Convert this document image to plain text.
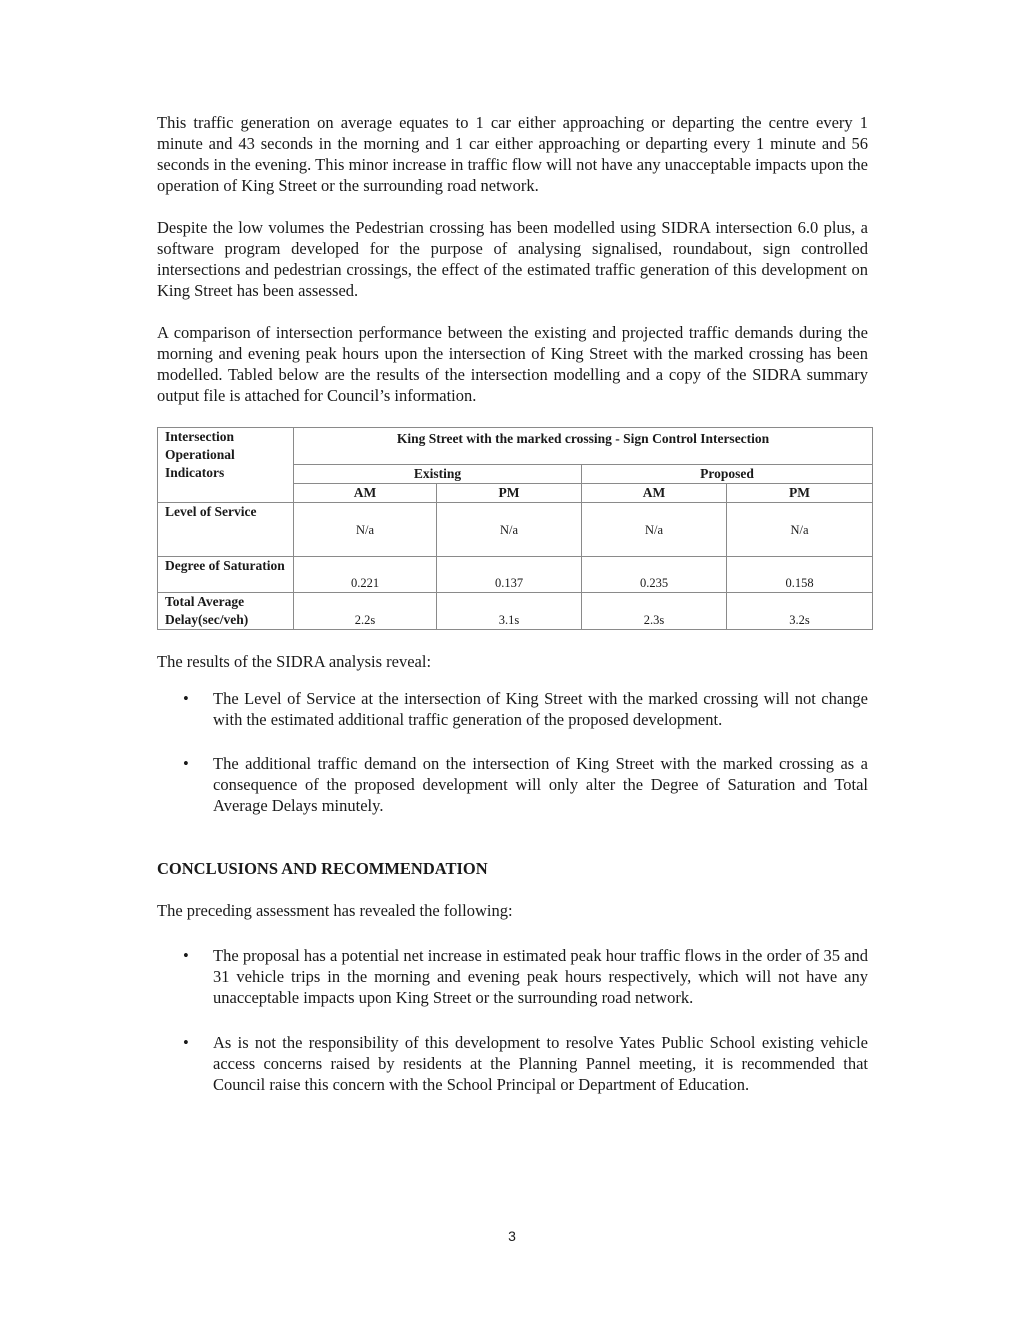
This traffic generation on average equates to 1 car either approaching or departing the centre every 1 minute and 43 seconds in the morning and 1 car either approaching or departing every 1 minute and 56 seconds in the evening. This minor increase in traffic flow will not have any unacceptable impacts upon the operation of King Street or the surrounding road network.

Despite the low volumes the Pedestrian crossing has been modelled using SIDRA intersection 6.0 plus, a software program developed for the purpose of analysing signalised, roundabout, sign controlled intersections and pedestrian crossings, the effect of the estimated traffic generation of this development on King Street has been assessed.

A comparison of intersection performance between the existing and projected traffic demands during the morning and evening peak hours upon the intersection of King Street with the marked crossing has been modelled. Tabled below are the results of the intersection modelling and a copy of the SIDRA summary output file is attached for Council’s information.

Intersection Operational Indicators	King Street with the marked crossing - Sign Control Intersection			
	Existing		Proposed	
	AM	PM	AM	PM
Level of Service	N/a	N/a	N/a	N/a
Degree of Saturation	0.221	0.137	0.235	0.158
Total Average Delay(sec/veh)	2.2s	3.1s	2.3s	3.2s

The results of the SIDRA analysis reveal:

• The Level of Service at the intersection of King Street with the marked crossing will not change with the estimated additional traffic generation of the proposed development.
• The additional traffic demand on the intersection of King Street with the marked crossing as a consequence of the proposed development will only alter the Degree of Saturation and Total Average Delays minutely.
CONCLUSIONS AND RECOMMENDATION

The preceding assessment has revealed the following:

• The proposal has a potential net increase in estimated peak hour traffic flows in the order of 35 and 31 vehicle trips in the morning and evening peak hours respectively, which will not have any unacceptable impacts upon King Street or the surrounding road network.
• As is not the responsibility of this development to resolve Yates Public School existing vehicle access concerns raised by residents at the Planning Pannel meeting, it is recommended that Council raise this concern with the School Principal or Department of Education.
3
